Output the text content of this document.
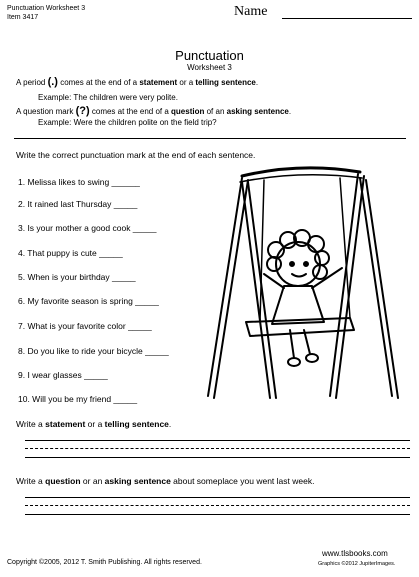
Punctuation Worksheet 3
Item 3417	Name
Punctuation
Worksheet 3
A period (.) comes at the end of a statement or a telling sentence.
Example: The children were very polite.
A question mark (?) comes at the end of a question of an asking sentence.
Example: Were the children polite on the field trip?
Write the correct punctuation mark at the end of each sentence.
1. Melissa likes to swing ______
2. It rained last Thursday _____
3. Is your mother a good cook _____
4. That puppy is cute _____
5. When is your birthday _____
6. My favorite season is spring _____
7. What is your favorite color _____
8. Do you like to ride your bicycle _____
9. I wear glasses _____
10. Will you be my friend _____
Write a statement or a telling sentence.
Write a question or an asking sentence about someplace you went last week.
Copyright ©2005, 2012 T. Smith Publishing. All rights reserved.
www.tlsbooks.com
Graphics ©2012 JupiterImages.
